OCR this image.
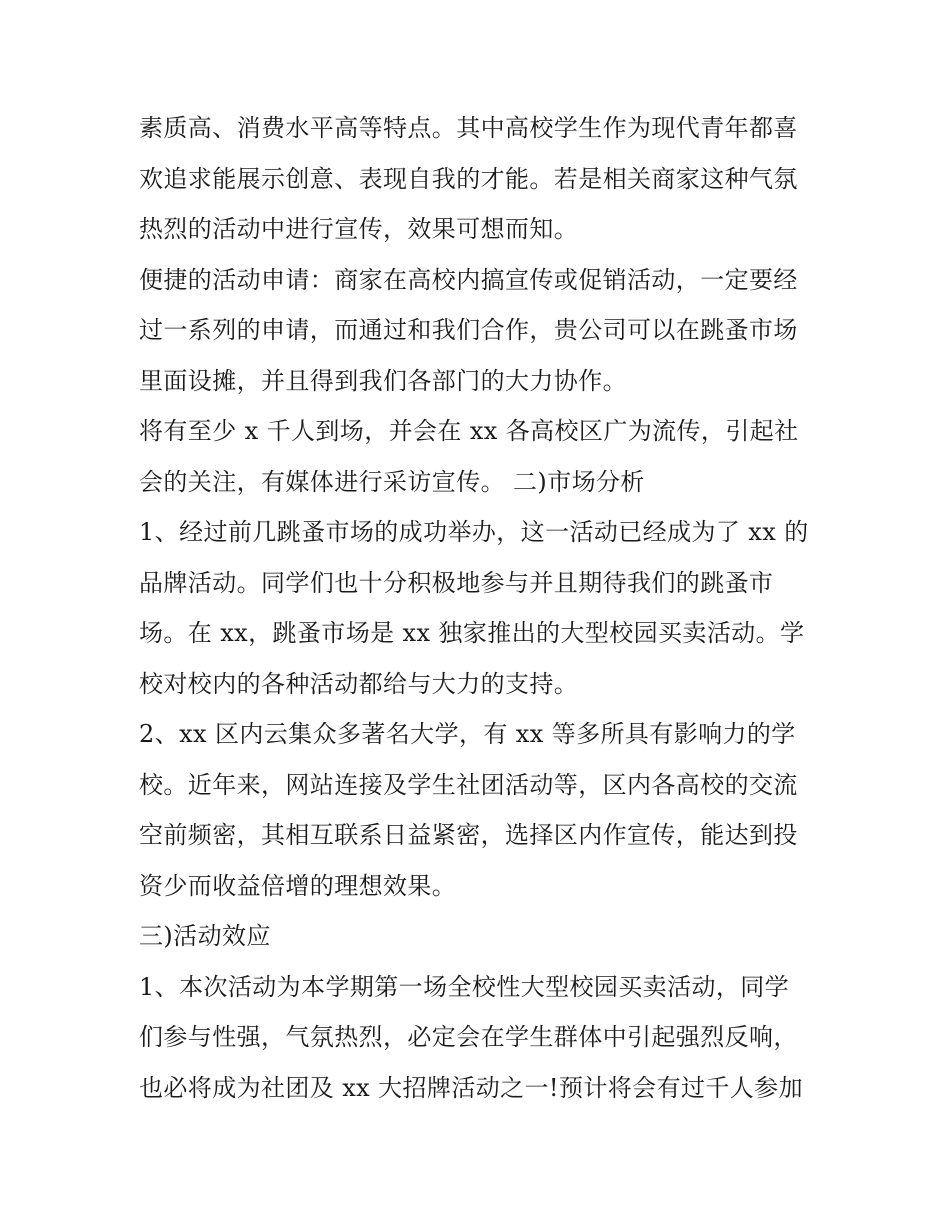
素质高、消费水平高等特点。其中高校学生作为现代青年都喜
欢追求能展示创意、表现自我的才能。若是相关商家这种气氛
热烈的活动中进行宣传，效果可想而知。
便捷的活动申请：商家在高校内搞宣传或促销活动，一定要经
过一系列的申请，而通过和我们合作，贵公司可以在跳蚤市场
里面设摊，并且得到我们各部门的大力协作。
将有至少 x 千人到场，并会在 xx 各高校区广为流传，引起社
会的关注，有媒体进行采访宣传。 二)市场分析
1、经过前几跳蚤市场的成功举办，这一活动已经成为了 xx 的
品牌活动。同学们也十分积极地参与并且期待我们的跳蚤市
场。在 xx，跳蚤市场是 xx 独家推出的大型校园买卖活动。学
校对校内的各种活动都给与大力的支持。
2、xx 区内云集众多著名大学，有 xx 等多所具有影响力的学
校。近年来，网站连接及学生社团活动等，区内各高校的交流
空前频密，其相互联系日益紧密，选择区内作宣传，能达到投
资少而收益倍增的理想效果。
三)活动效应
1、本次活动为本学期第一场全校性大型校园买卖活动，同学
们参与性强，气氛热烈，必定会在学生群体中引起强烈反响，
也必将成为社团及 xx 大招牌活动之一!预计将会有过千人参加
